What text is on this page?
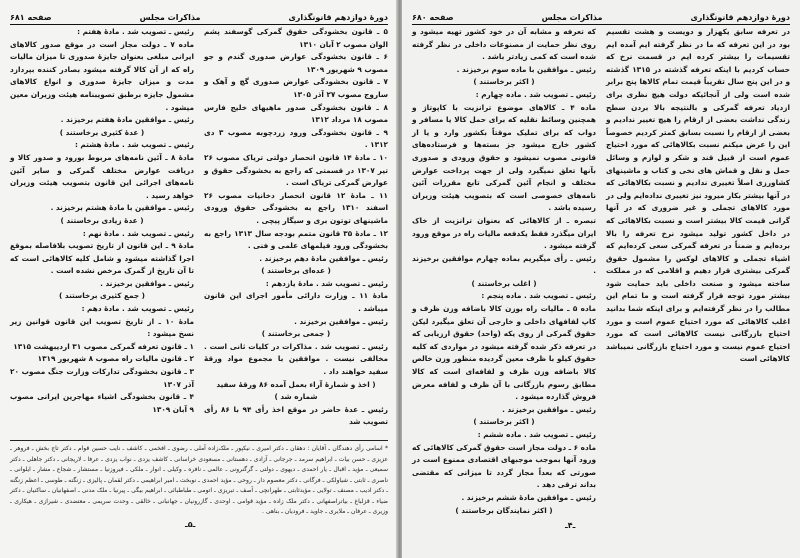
دورهٔ دوازدهم قانونگذاری
مذاکرات مجلس
صفحه ۶۸۱

۵ ـ قانون بخشودگی حقوق گمرکی گوسفند پشم الوان مصوب ۲ آبان ۱۳۱۰

۶ ـ قانون بخشودگی عوارض صدوری گندم و جو مصوب ۹ شهریور ۱۳۰۹

۷ ـ قانون بخشودگی عوارض صدوری گچ و آهک و ساروج مصوب ۲۷ آذر ۱۳۰۵

۸ ـ قانون بخشودگی صدور ماهیهای خلیج فارس مصوب ۱۸ مرداد ۱۳۱۲

۹ ـ قانون بخشودگی ورود زردچوبه مصوب ۳ دی ۱۳۱۲ .

۱۰ ـ مادهٔ ۱۴ قانون انحصار دولتی تریاک مصوب ۲۶ تیر ۱۳۰۷ در قسمتی که راجع به بخشودگی حقوق و عوارض گمرکی تریاک است .

۱۱ ـ مادهٔ ۱۲ قانون انحصار دخانیات مصوب ۲۶ اسفند ۱۳۱۰ راجع به بخشودگی حقوق ورودی ماشینهای توتون بری و سیگار پیچی .

۱۲ ـ مادهٔ ۳۵ قانون متمم بودجه سال ۱۳۱۳ راجع به بخشودگی ورود فیلمهای علمی و فنی .

رئیس ـ موافقین مادهٔ دهم برخیزند .

( عده‌ای برخاستند )

رئیس ـ تصویب شد . مادهٔ یازدهم :

مادهٔ ۱۱ ـ وزارت دارائی مأمور اجرای این قانون میباشد .

رئیس ـ موافقین برخیزند .

( جمعی برخاستند )

رئیس ـ تصویب شد . مذاکرات در کلیات ثانی است . مخالفی نیست . موافقین با مجموع مواد ورقهٔ سفید خواهند داد .

( اخذ و شمارهٔ آراء بعمل آمده ۸۶ ورقهٔ سفید شماره شد )

رئیس ـ عدهٔ حاضر در موقع اخذ رأی ۹۴ با ۸۶ رأی تصویب شد

رئیس ـ تصویب شد . مادهٔ هفتم :

ماده ۷ ـ دولت مجاز است در موقع صدور کالاهای ایرانی مبلغی بعنوان جایزهٔ صدوری تا میزان مالیات راه که از آن کالا گرفته میشود بصادر کننده بپردازد مدت و میزان جایزهٔ صدوری و انواع کالاهای مشمول جایزه برطبق تصویبنامه هیئت وزیران معین میشود .

رئیس ـ موافقین مادهٔ هفتم برخیزند .

( عدهٔ کثیری برخاستند )

رئیس ـ تصویب شد . مادهٔ هشتم :

مادهٔ ۸ ـ آئین نامه‌های مربوط بورود و صدور کالا و دریافت عوارض مختلف گمرکی و سایر آئین نامه‌های اجرائی این قانون بتصویب هیئت وزیران خواهد رسید .

رئیس ـ موافقین با مادهٔ هشتم برخیزند .

( عدهٔ زیادی برخاستند )

رئیس ـ تصویب شد . مادهٔ نهم :

مادهٔ ۹ ـ این قانون از تاریخ تصویب بلافاصله بموقع اجرا گذاشته میشود و شامل کلیه کالاهائی است که تا آن تاریخ از گمرک مرخص نشده است .

رئیس ـ موافقین برخیزند .

( جمع کثیری برخاستند )

رئیس ـ تصویب شد . مادهٔ دهم :

مادهٔ ۱۰ ـ از تاریخ تصویب این قانون قوانین زیر نسخ میشود :

۱ ـ قانون تعرفه گمرکی مصوب ۳۱ اردیبهشت ۱۳۱۵

۲ ـ قانون مالیات راه مصوب ۸ شهریور ۱۳۱۹

۳ ـ قانون بخشودگی تدارکات وزارت جنگ مصوب ۲۰ آذر ۱۳۰۷

۴ ـ قانون بخشودگی اشیاء مهاجرین ایرانی مصوب ۹ آبان ۱۳۰۹

* اسامی رأی دهندگان ـ آقایان : دهقان ـ دکتر امیری ـ نیکپور ـ ملک‌زاده آملی ـ رضوی ـ افخمی ـ کاشف ـ نایب حسین قوام ـ دکتر تاج بخش ـ فروهر ـ عزیزی ـ حسن بیات ـ ابراهیم سرمد ـ جرجانی ـ آزادی ـ دهستانی ـ مسعودی خراسانی ـ کاشف یزدی ـ نواب یزدی ـ عرفا ـ لاریجانی ـ دکتر جاهلی ـ دکتر سمیعی ـ مؤید ـ اقبال ـ یار احمدی ـ دیهوی ـ دولتی ـ گرگنرونی ـ عالمی ـ نافره ـ وکیلی ـ انوار ـ ملکی ـ فیروزنیا ـ مستشار ـ شجاع ـ مشار ـ ایلوانی ـ ناصری ـ ثابتی ـ شیاولکی ـ فرگانی ـ دکتر معصوم دار ـ روحی ـ مؤید احمدی ـ نوبخت ـ امیر ابراهیمی ـ دکتر لقمان ـ پالیزی ـ زنگنه ـ طوسی ـ اعظم زنگنه ـ دکتر ادیب ـ مصنف ـ تولایی ـ مؤیدثابتی ـ طهرانچی ـ آصف ـ تبریزی ـ اتومی ـ طباطبائی ـ ابراهیم بیگی ـ پیرنیا ـ ملک مدنی ـ اصفهانیان ـ ساکنیان ـ دکتر ضیاء ـ قزلباغ ـ بیاتراصفهانی ـ دکتر ملک زاده ـ مؤید قوامی ـ اوحدی ـ گازرونیان ـ جهانبانی ـ خالقی ـ وحدت سریمی ـ معتضدی ـ شیرازی ـ هیکاری ـ وزیری ـ عرفان ـ ملایری ـ جاوید ـ فرودیان ـ بناهی .
ـ۵ـ
دورهٔ دوازدهم قانونگذاری
مذاکرات مجلس
صفحه ۶۸۰

در تعرفه سابق یکهزار و دویست و هشت تقسیم بود در این تعرفه که ما در نظر گرفته ایم آمده ایم تقسیمات را بیشتر کرده ایم در قسمت نرخ که حساب کردیم با اینکه تعرفه گذشته در ۱۳۱۵ گذشته و در این پنج سال تقریباً قیمت تمام کالاها پنج برابر شده است ولی از آنجائیکه دولت هیچ نظری برای ازدیاد تعرفه گمرکی و بالنتیجه بالا بردن سطح زندگی نداشت بعضی از ارقام را هیچ تغییر ندادیم و بعضی از ارقام را نسبت بسابق کمتر کردیم خصوصاً این را عرض میکنم نسبت بکالاهائی که مورد احتیاج عموم است از قبیل قند و شکر و لوازم و وسائل حمل و نقل و قماش های نخی و کتاب و ماشینهای کشاورزی اصلاً تغییری ندادیم و نسبت بکالاهائی که در آنها بیشتر بکار میرود نیز تغییری نداده‌ایم ولی در مورد کالاهای تجملی و غیر ضروری که در آنها گرانی قیمت کالا بیشتر است و نسبت بکالاهائی که در داخل کشور تولید میشود نرخ تعرفه را بالا برده‌ایم و ضمناً در تعرفه گمرکی سعی کرده‌ایم که اشیاء تجملی و کالاهای لوکس را مشمول حقوق گمرکی بیشتری قرار دهیم و اقلامی که در مملکت ساخته میشود و صنعت داخلی باید حمایت شود بیشتر مورد توجه قرار گرفته است و ما تمام این مطالب را در نظر گرفته‌ایم و برای اینکه شما بدانید اغلب کالاهائی که مورد احتیاج عموم است و مورد احتیاج بازرگانی نیست کالاهائی است که مورد احتیاج عموم نیست و مورد احتیاج بازرگانی نمیباشد کالاهائی است

که تعرفه و مشابه آن در خود کشور تهیه میشود و روی نظر حمایت از مصنوعات داخلی در نظر گرفته شده است که کمی زیادتر باشد .

رئیس ـ موافقین با ماده سوم برخیزند .

( اکثر برخاستند )

رئیس ـ تصویب شد . ماده چهارم :

ماده ۴ ـ کالاهای موضوع ترانزیت با کاپوتاژ و همچنین وسائط نقلیه که برای حمل کالا یا مسافر و دواب که برای تملیک موقتاً بکشور وارد و یا از کشور خارج میشود جز بسته‌ها و فرستاده‌های قانونی مصوب نمیشود و حقوق ورودی و صدوری بآنها تعلق نمیگیرد ولی از جهت پرداخت عوارض مختلف و انجام آئین گمرکی تابع مقررات آئین نامه‌های خصوصی است که بتصویب هیئت وزیران رسیده باشد .

تبصره ـ از کالاهائی که بعنوان ترانزیت از خاک ایران میگذرد فقط یکدفعه مالیات راه در موقع ورود گرفته میشود .

رئیس ـ رأی میگیریم بماده چهارم موافقین برخیزند .

( اغلب برخاستند )

رئیس ـ تصویب شد . ماده پنجم :

ماده ۵ ـ مالیات راه بوزن کالا باضافه وزن ظرف و کاپ لفافهای داخلی و خارجی آن تعلق میگیرد لیکن حقوق گمرکی از روی یکه (واحد) حقوق ارزیابی که در تعرفه ذکر شده گرفته میشود در مواردی که کلیه حقوق کیلو با ظرف معین گردیده منظور وزن خالص کالا باضافه وزن ظرف و لفافه‌ای است که کالا مطابق رسوم بازرگانی با آن ظرف و لفافه معرض فروش گذارده میشود .

رئیس ـ موافقین برخیزند .

( اکثر برخاستند )

رئیس ـ تصویب شد . ماده ششم :

ماده ۶ ـ دولت مجاز است حقوق گمرکی کالاهائی که ورود آنها بموجب موجبهای اقتصادی ممنوع است در صورتی که بعداً مجاز گردد تا میزانی که مقتضی بداند ترقی دهد .

رئیس ـ موافقین مادهٔ ششم برخیزند .

( اکثر نمایندگان برخاستند )

ـ۴ـ
